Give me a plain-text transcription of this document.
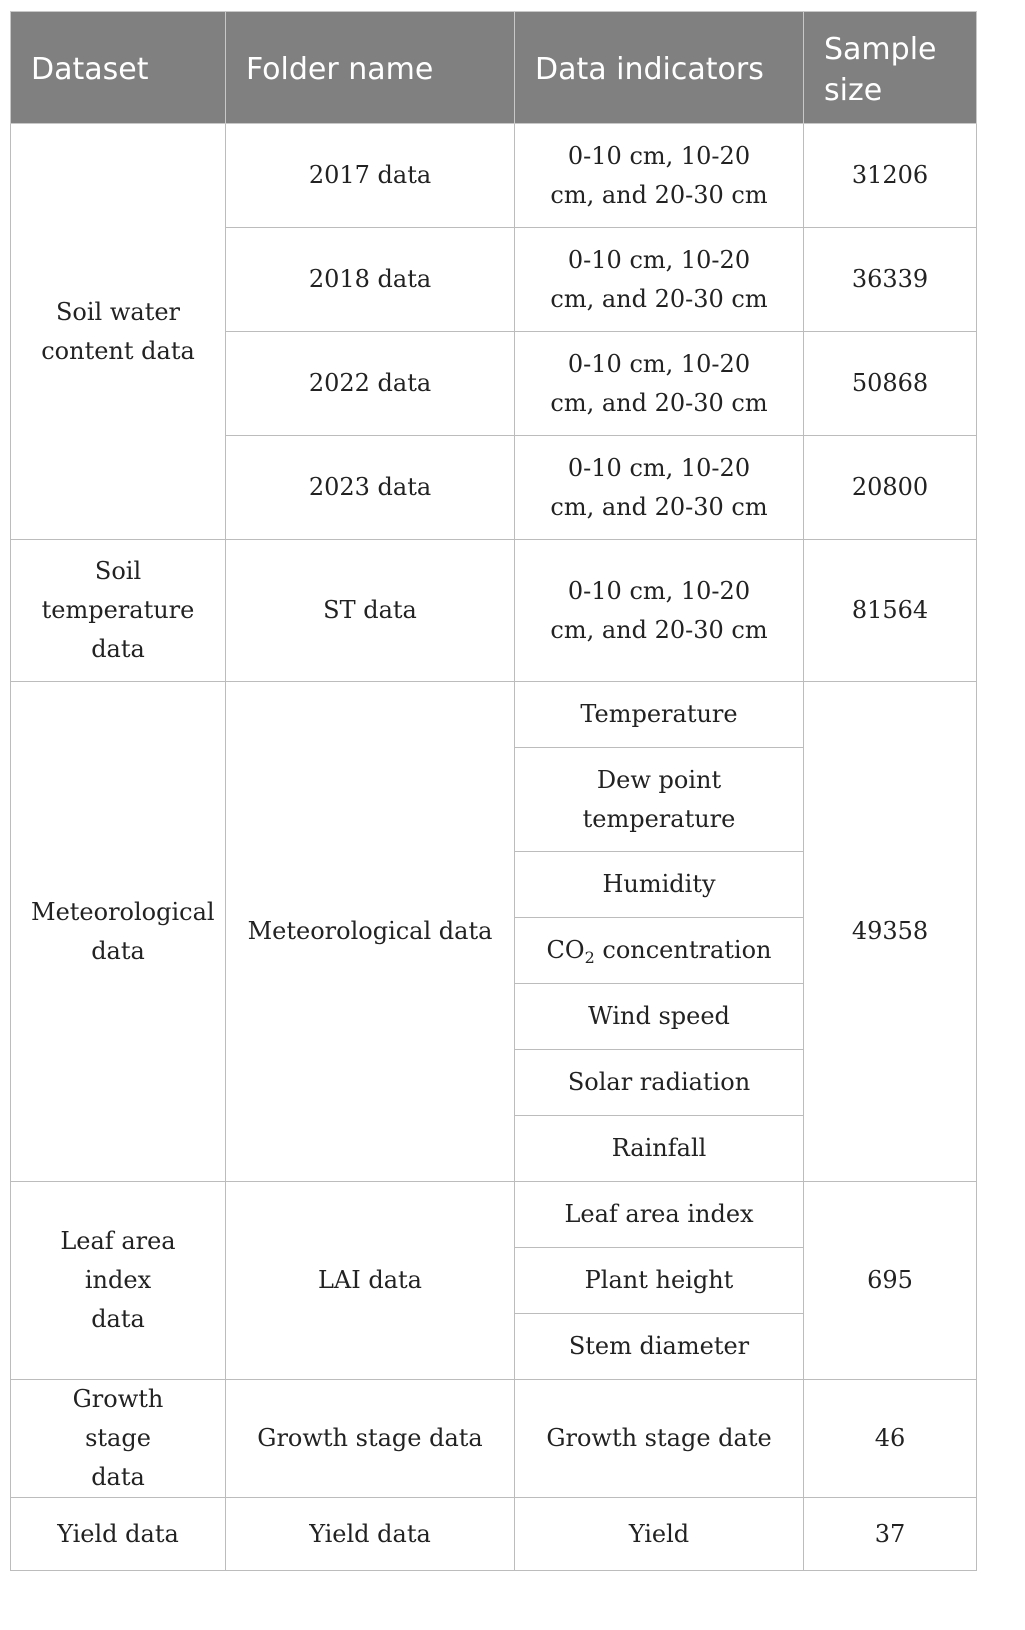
Dataset	Folder name	Data indicators	Sample size
Soil water content data	2017 data	0-10 cm, 10-20 cm, and 20-30 cm	31206
	2018 data	0-10 cm, 10-20 cm, and 20-30 cm	36339
	2022 data	0-10 cm, 10-20 cm, and 20-30 cm	50868
	2023 data	0-10 cm, 10-20 cm, and 20-30 cm	20800
Soil temperature data	ST data	0-10 cm, 10-20 cm, and 20-30 cm	81564
Meteorological data	Meteorological data	Temperature	49358
		Dew point temperature	
		Humidity	
		$CO_2$ concentration	
		Wind speed	
		Solar radiation	
		Rainfall	
Leaf area index data	LAI data	Leaf area index	695
		Plant height	
		Stem diameter	
Growth stage data	Growth stage data	Growth stage date	46
Yield data	Yield data	Yield	37
